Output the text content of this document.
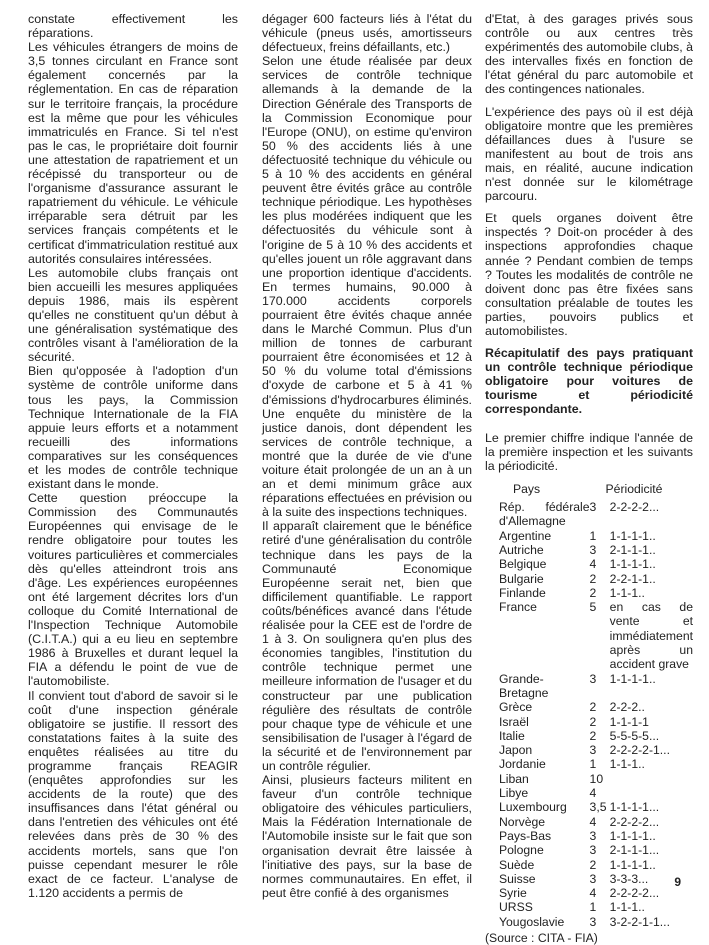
constate effectivement les réparations.

Les véhicules étrangers de moins de 3,5 tonnes circulant en France sont également concernés par la réglementation. En cas de réparation sur le territoire français, la procédure est la même que pour les véhicules immatriculés en France. Si tel n'est pas le cas, le propriétaire doit fournir une attestation de rapatriement et un récépissé du transporteur ou de l'organisme d'assurance assurant le rapatriement du véhicule. Le véhicule irréparable sera détruit par les services français compétents et le certificat d'immatriculation restitué aux autorités consulaires intéressées.

Les automobile clubs français ont bien accueilli les mesures appliquées depuis 1986, mais ils espèrent qu'elles ne constituent qu'un début à une généralisation systématique des contrôles visant à l'amélioration de la sécurité.

Bien qu'opposée à l'adoption d'un système de contrôle uniforme dans tous les pays, la Commission Technique Internationale de la FIA appuie leurs efforts et a notamment recueilli des informations comparatives sur les conséquences et les modes de contrôle technique existant dans le monde.

Cette question préoccupe la Commission des Communautés Européennes qui envisage de le rendre obligatoire pour toutes les voitures particulières et commerciales dès qu'elles atteindront trois ans d'âge. Les expériences européennes ont été largement décrites lors d'un colloque du Comité International de l'Inspection Technique Automobile (C.I.T.A.) qui a eu lieu en septembre 1986 à Bruxelles et durant lequel la FIA a défendu le point de vue de l'automobiliste.

Il convient tout d'abord de savoir si le coût d'une inspection générale obligatoire se justifie. Il ressort des constatations faites à la suite des enquêtes réalisées au titre du programme français REAGIR (enquêtes approfondies sur les accidents de la route) que des insuffisances dans l'état général ou dans l'entretien des véhicules ont été relevées dans près de 30 % des accidents mortels, sans que l'on puisse cependant mesurer le rôle exact de ce facteur. L'analyse de 1.120 accidents a permis de

dégager 600 facteurs liés à l'état du véhicule (pneus usés, amortisseurs défectueux, freins défaillants, etc.)

Selon une étude réalisée par deux services de contrôle technique allemands à la demande de la Direction Générale des Transports de la Commission Economique pour l'Europe (ONU), on estime qu'environ 50 % des accidents liés à une défectuosité technique du véhicule ou 5 à 10 % des accidents en général peuvent être évités grâce au contrôle technique périodique. Les hypothèses les plus modérées indiquent que les défectuosités du véhicule sont à l'origine de 5 à 10 % des accidents et qu'elles jouent un rôle aggravant dans une proportion identique d'accidents. En termes humains, 90.000 à 170.000 accidents corporels pourraient être évités chaque année dans le Marché Commun. Plus d'un million de tonnes de carburant pourraient être économisées et 12 à 50 % du volume total d'émissions d'oxyde de carbone et 5 à 41 % d'émissions d'hydrocarbures éliminés. Une enquête du ministère de la justice danois, dont dépendent les services de contrôle technique, a montré que la durée de vie d'une voiture était prolongée de un an à un an et demi minimum grâce aux réparations effectuées en prévision ou à la suite des inspections techniques.

Il apparaît clairement que le bénéfice retiré d'une généralisation du contrôle technique dans les pays de la Communauté Economique Européenne serait net, bien que difficilement quantifiable. Le rapport coûts/bénéfices avancé dans l'étude réalisée pour la CEE est de l'ordre de 1 à 3. On soulignera qu'en plus des économies tangibles, l'institution du contrôle technique permet une meilleure information de l'usager et du constructeur par une publication régulière des résultats de contrôle pour chaque type de véhicule et une sensibilisation de l'usager à l'égard de la sécurité et de l'environnement par un contrôle régulier.

Ainsi, plusieurs facteurs militent en faveur d'un contrôle technique obligatoire des véhicules particuliers, Mais la Fédération Internationale de l'Automobile insiste sur le fait que son organisation devrait être laissée à l'initiative des pays, sur la base de normes communautaires. En effet, il peut être confié à des organismes

d'Etat, à des garages privés sous contrôle ou aux centres très expérimentés des automobile clubs, à des intervalles fixés en fonction de l'état général du parc automobile et des contingences nationales.

L'expérience des pays où il est déjà obligatoire montre que les premières défaillances dues à l'usure se manifestent au bout de trois ans mais, en réalité, aucune indication n'est donnée sur le kilométrage parcouru.

Et quels organes doivent être inspectés ? Doit-on procéder à des inspections approfondies chaque année ? Pendant combien de temps ? Toutes les modalités de contrôle ne doivent donc pas être fixées sans consultation préalable de toutes les parties, pouvoirs publics et automobilistes.

Récapitulatif des pays pratiquant un contrôle technique périodique obligatoire pour voitures de tourisme et périodicité correspondante.

Le premier chiffre indique l'année de la première inspection et les suivants la périodicité.

Pays	Périodicité	
Rép. fédérale d'Allemagne	3	2-2-2-2...
Argentine	1	1-1-1-1..
Autriche	3	2-1-1-1..
Belgique	4	1-1-1-1..
Bulgarie	2	2-2-1-1..
Finlande	2	1-1-1..
France	5	en cas de vente et immédiatement après un accident grave
Grande-Bretagne	3	1-1-1-1..
Grèce	2	2-2-2..
Israël	2	1-1-1-1
Italie	2	5-5-5-5...
Japon	3	2-2-2-2-1...
Jordanie	1	1-1-1..
Liban	10	
Libye	4	
Luxembourg	3,5	1-1-1-1...
Norvège	4	2-2-2-2...
Pays-Bas	3	1-1-1-1..
Pologne	3	2-1-1-1...
Suède	2	1-1-1-1..
Suisse	3	3-3-3...
Syrie	4	2-2-2-2...
URSS	1	1-1-1..
Yougoslavie	3	3-2-2-1-1...
(Source : CITA - FIA)
9
